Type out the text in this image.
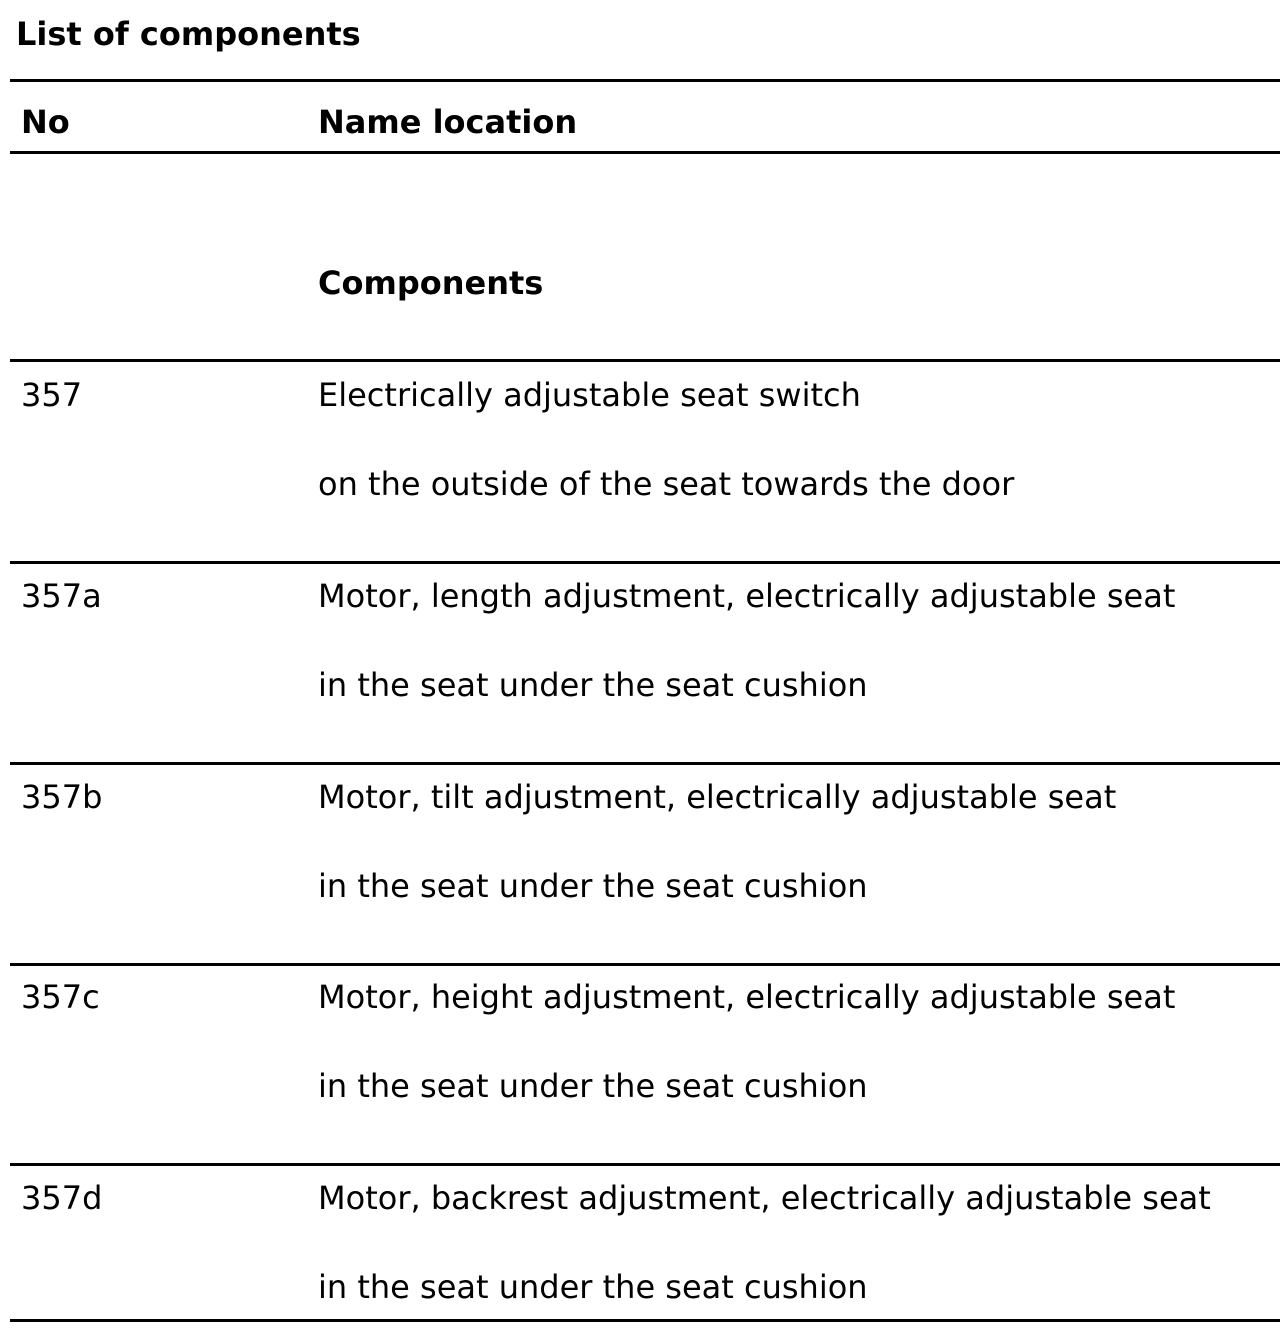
List of components
No	Name location
Components
357	Electrically adjustable seat switch
on the outside of the seat towards the door
357a	Motor, length adjustment, electrically adjustable seat
in the seat under the seat cushion
357b	Motor, tilt adjustment, electrically adjustable seat
in the seat under the seat cushion
357c	Motor, height adjustment, electrically adjustable seat
in the seat under the seat cushion
357d	Motor, backrest adjustment, electrically adjustable seat
in the seat under the seat cushion
